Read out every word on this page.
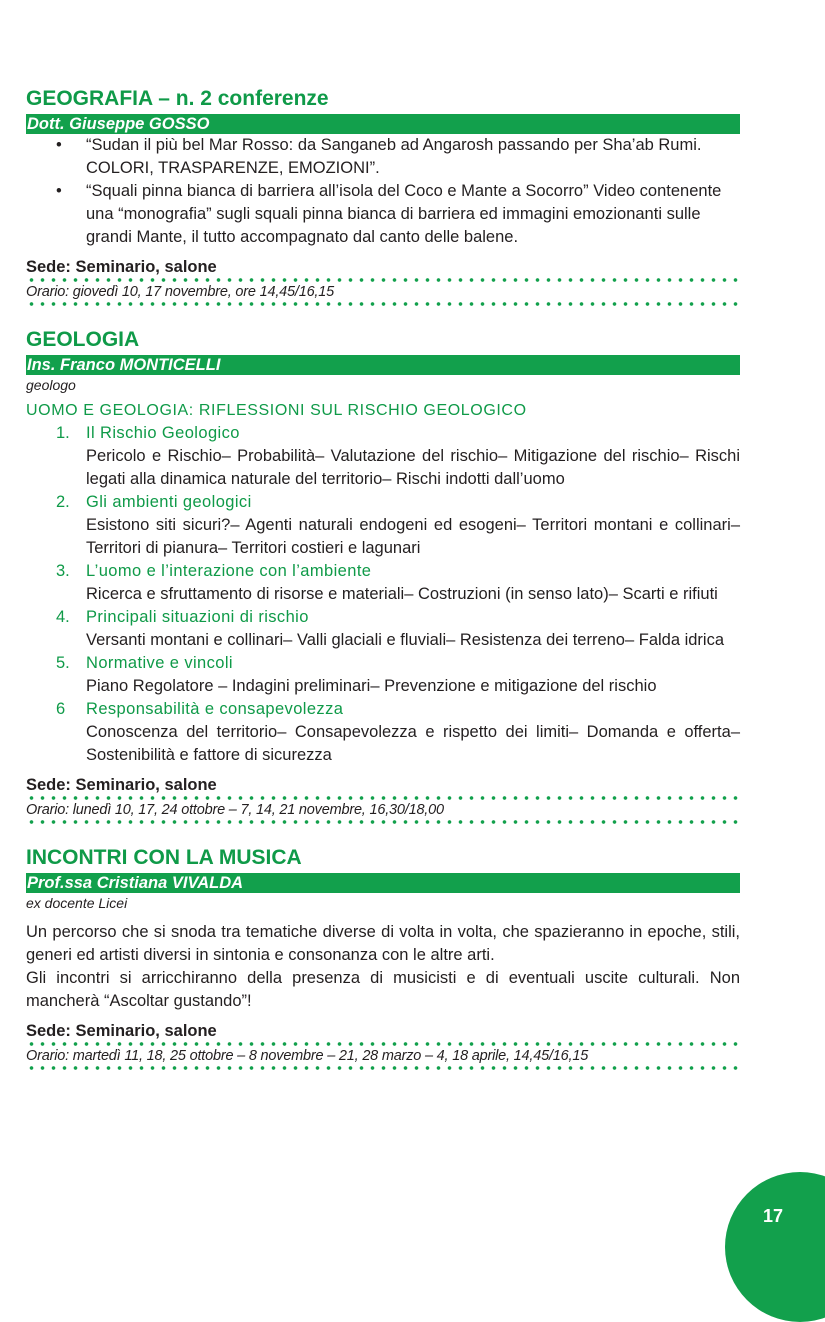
GEOGRAFIA – n. 2 conferenze
Dott. Giuseppe GOSSO
• “Sudan il più bel Mar Rosso: da Sanganeb ad Angarosh passando per Sha’ab Rumi. COLORI, TRASPARENZE, EMOZIONI”.
• “Squali pinna bianca di barriera all’isola del Coco e Mante a Socorro” Video contenente una “monografia” sugli squali pinna bianca di barriera ed immagini emozionanti sulle grandi Mante, il tutto accompagnato dal canto delle balene.
Sede: Seminario, salone
Orario: giovedì 10, 17 novembre, ore 14,45/16,15
GEOLOGIA
Ins. Franco MONTICELLI
geologo
UOMO E GEOLOGIA: RIFLESSIONI SUL RISCHIO GEOLOGICO
1. Il Rischio Geologico
Pericolo e Rischio– Probabilità– Valutazione del rischio– Mitigazione del rischio– Rischi legati alla dinamica naturale del territorio– Rischi indotti dall’uomo
2. Gli ambienti geologici
Esistono siti sicuri?– Agenti naturali endogeni ed esogeni– Territori montani e collinari– Territori di pianura– Territori costieri e lagunari
3. L’uomo e l’interazione con l’ambiente
Ricerca e sfruttamento di risorse e materiali– Costruzioni (in senso lato)– Scarti e rifiuti
4. Principali situazioni di rischio
Versanti montani e collinari– Valli glaciali e fluviali– Resistenza dei terreno– Falda idrica
5. Normative e vincoli
Piano Regolatore – Indagini preliminari– Prevenzione e mitigazione del rischio
6 Responsabilità e consapevolezza
Conoscenza del territorio– Consapevolezza e rispetto dei limiti– Domanda e offerta– Sostenibilità e fattore di sicurezza
Sede: Seminario, salone
Orario: lunedì 10, 17, 24 ottobre – 7, 14, 21 novembre, 16,30/18,00
INCONTRI CON LA MUSICA
Prof.ssa Cristiana VIVALDA
ex docente Licei
Un percorso che si snoda tra tematiche diverse di volta in volta, che spazieranno in epoche, stili, generi ed artisti diversi in sintonia e consonanza con le altre arti.
Gli incontri si arricchiranno della presenza di musicisti e di eventuali uscite culturali. Non mancherà “Ascoltar gustando”!
Sede: Seminario, salone
Orario: martedì 11, 18, 25 ottobre – 8 novembre – 21, 28 marzo – 4, 18 aprile, 14,45/16,15
17
